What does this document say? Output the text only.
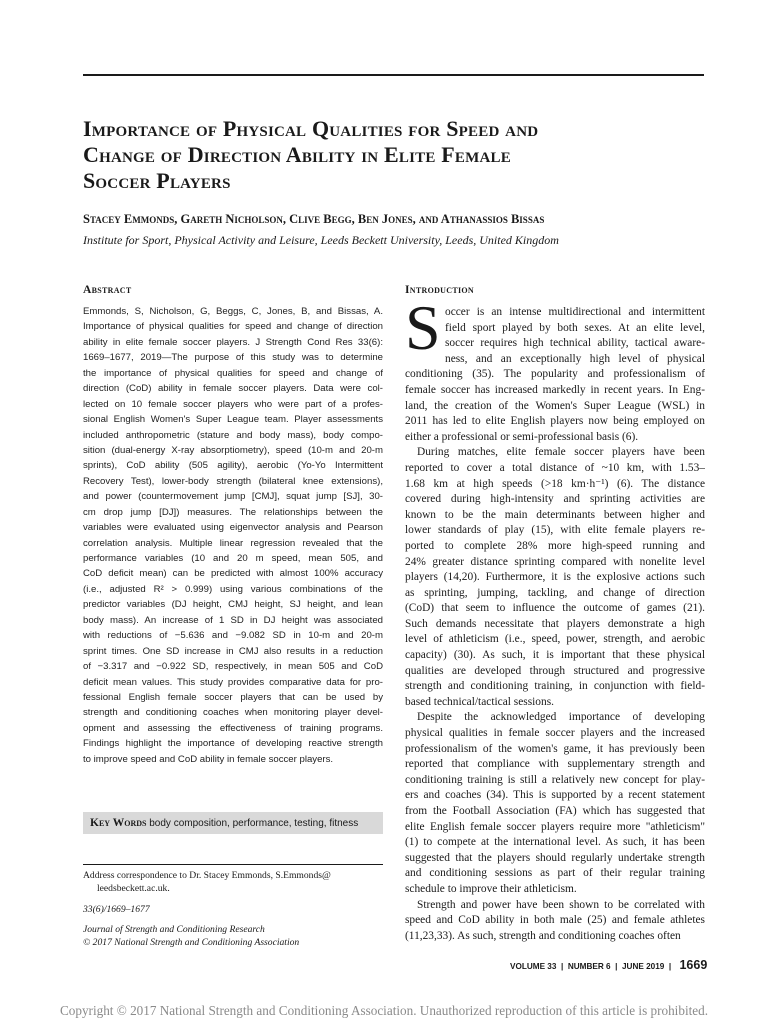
Importance of Physical Qualities for Speed and
Change of Direction Ability in Elite Female
Soccer Players
Stacey Emmonds, Gareth Nicholson, Clive Begg, Ben Jones, and Athanassios Bissas
Institute for Sport, Physical Activity and Leisure, Leeds Beckett University, Leeds, United Kingdom
Abstract
Emmonds, S, Nicholson, G, Beggs, C, Jones, B, and Bissas, A.
Importance of physical qualities for speed and change of direction
ability in elite female soccer players. J Strength Cond Res 33(6):
1669–1677, 2019—The purpose of this study was to determine
the importance of physical qualities for speed and change of
direction (CoD) ability in female soccer players. Data were col-
lected on 10 female soccer players who were part of a profes-
sional English Women's Super League team. Player assessments
included anthropometric (stature and body mass), body compo-
sition (dual-energy X-ray absorptiometry), speed (10-m and 20-m
sprints), CoD ability (505 agility), aerobic (Yo-Yo Intermittent
Recovery Test), lower-body strength (bilateral knee extensions),
and power (countermovement jump [CMJ], squat jump [SJ], 30-
cm drop jump [DJ]) measures. The relationships between the
variables were evaluated using eigenvector analysis and Pearson
correlation analysis. Multiple linear regression revealed that the
performance variables (10 and 20 m speed, mean 505, and
CoD deficit mean) can be predicted with almost 100% accuracy
(i.e., adjusted R² > 0.999) using various combinations of the
predictor variables (DJ height, CMJ height, SJ height, and lean
body mass). An increase of 1 SD in DJ height was associated
with reductions of −5.636 and −9.082 SD in 10-m and 20-m
sprint times. One SD increase in CMJ also results in a reduction
of −3.317 and −0.922 SD, respectively, in mean 505 and CoD
deficit mean values. This study provides comparative data for pro-
fessional English female soccer players that can be used by
strength and conditioning coaches when monitoring player devel-
opment and assessing the effectiveness of training programs.
Findings highlight the importance of developing reactive strength
to improve speed and CoD ability in female soccer players.
Key Words body composition, performance, testing, fitness
Address correspondence to Dr. Stacey Emmonds, S.Emmonds@
leedsbeckett.ac.uk.
33(6)/1669–1677
Journal of Strength and Conditioning Research
© 2017 National Strength and Conditioning Association
Introduction
S occer is an intense multidirectional and intermittent
field sport played by both sexes. At an elite level,
soccer requires high technical ability, tactical aware-
ness, and an exceptionally high level of physical
conditioning (35). The popularity and professionalism of
female soccer has increased markedly in recent years. In Eng-
land, the creation of the Women's Super League (WSL) in
2011 has led to elite English players now being employed on
either a professional or semi-professional basis (6).
During matches, elite female soccer players have been
reported to cover a total distance of ~10 km, with 1.53–
1.68 km at high speeds (>18 km·h⁻¹) (6). The distance
covered during high-intensity and sprinting activities are
known to be the main determinants between higher and
lower standards of play (15), with elite female players re-
ported to complete 28% more high-speed running and
24% greater distance sprinting compared with nonelite level
players (14,20). Furthermore, it is the explosive actions such
as sprinting, jumping, tackling, and change of direction
(CoD) that seem to influence the outcome of games (21).
Such demands necessitate that players demonstrate a high
level of athleticism (i.e., speed, power, strength, and aerobic
capacity) (30). As such, it is important that these physical
qualities are developed through structured and progressive
strength and conditioning training, in conjunction with field-
based technical/tactical sessions.
Despite the acknowledged importance of developing
physical qualities in female soccer players and the increased
professionalism of the women's game, it has previously been
reported that compliance with supplementary strength and
conditioning training is still a relatively new concept for play-
ers and coaches (34). This is supported by a recent statement
from the Football Association (FA) which has suggested that
elite English female soccer players require more "athleticism"
(1) to compete at the international level. As such, it has been
suggested that the players should regularly undertake strength
and conditioning sessions as part of their regular training
schedule to improve their athleticism.
Strength and power have been shown to be correlated with
speed and CoD ability in both male (25) and female athletes
(11,23,33). As such, strength and conditioning coaches often
VOLUME 33  |  NUMBER 6  |  JUNE 2019  | 1669
Copyright © 2017 National Strength and Conditioning Association. Unauthorized reproduction of this article is prohibited.
